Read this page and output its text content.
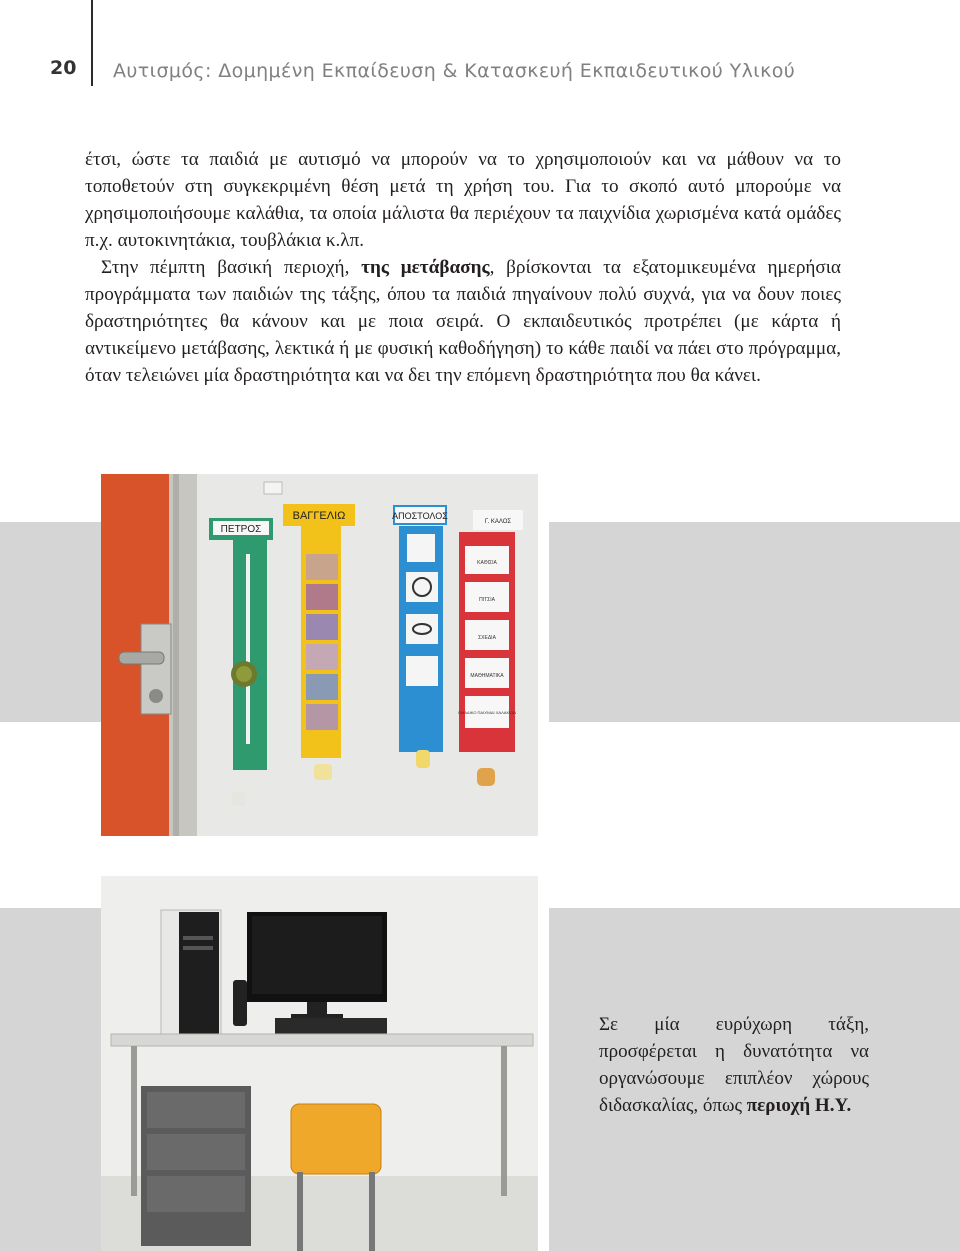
20 Αυτισμός: Δομημένη Εκπαίδευση & Κατασκευή Εκπαιδευτικού Υλικού

έτσι, ώστε τα παιδιά με αυτισμό να μπορούν να το χρησιμοποιούν και να μάθουν να το τοποθετούν στη συγκεκριμένη θέση μετά τη χρήση του. Για το σκοπό αυτό μπορούμε να χρησιμοποιήσουμε καλάθια, τα οποία μάλιστα θα περιέχουν τα παιχνίδια χωρισμένα κατά ομάδες π.χ. αυτοκινητάκια, τουβλάκια κ.λπ.

Στην πέμπτη βασική περιοχή, της μετάβασης, βρίσκονται τα εξατομικευμένα ημερήσια προγράμματα των παιδιών της τάξης, όπου τα παιδιά πηγαίνουν πολύ συχνά, για να δουν ποιες δραστηριότητες θα κάνουν και με ποια σειρά. Ο εκπαιδευτικός προτρέπει (με κάρτα ή αντικείμενο μετάβασης, λεκτικά ή με φυσική καθοδήγηση) το κάθε παιδί να πάει στο πρόγραμμα, όταν τελειώνει μία δραστηριότητα και να δει την επόμενη δραστηριότητα που θα κάνει.

ΠΕΤΡΟΣ
ΒΑΓΓΕΛΙΩ	ΑΠΟΣΤΟΛΟΣ
Γ. ΚΑΛΟΣ
ΚΑΘΙΣΙΑ
ΠΙΤΣΙΑ
ΣΧΕΔΙΑ
ΜΑΘΗΜΑΤΙΚΑ
ΟΜΑΔΙΚΟ ΠΑΙΧΝΙΔΙ ΧΑΛΑΚΙΩΝ

Σε μία ευρύχωρη τάξη, προσφέρεται η δυνατότητα να οργανώσουμε επιπλέον χώρους διδασκαλίας, όπως περιοχή Η.Υ.
